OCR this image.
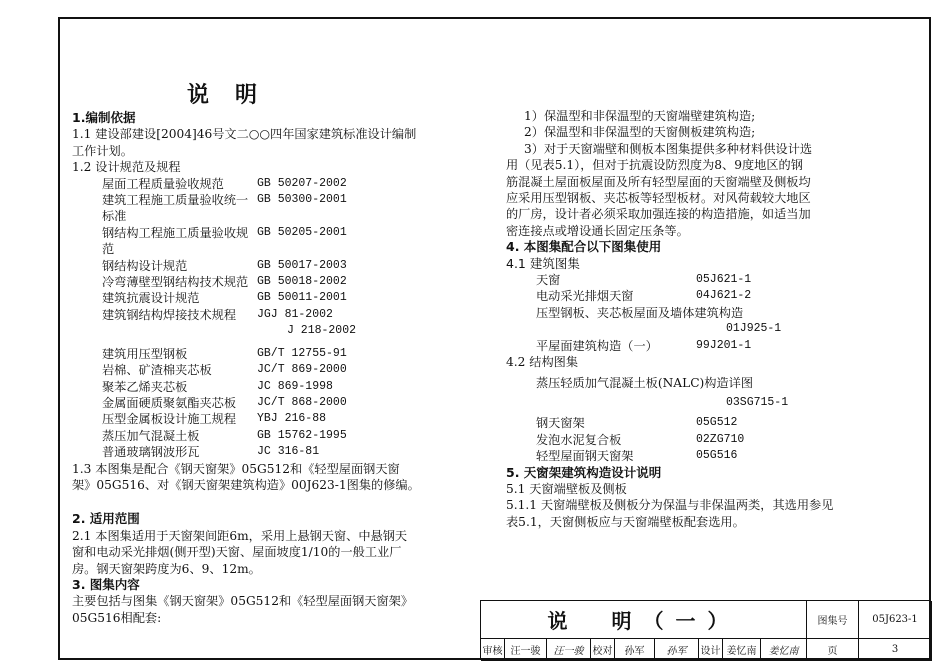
说　明

1.编制依据

1.1 建设部建设[2004]46号文二○○四年国家建筑标准设计编制

工作计划。

1.2 设计规范及规程

屋面工程质量验收规范	GB 50207-2002
建筑工程施工质量验收统一标准
GB 50300-2001
钢结构工程施工质量验收规范
GB 50205-2001
钢结构设计规范	GB 50017-2003
冷弯薄壁型钢结构技术规范 GB 50018-2002
建筑抗震设计规范	GB 50011-2001
建筑钢结构焊接技术规程	JGJ 81-2002
J 218-2002
建筑用压型钢板	GB/T 12755-91
岩棉、矿渣棉夹芯板	JC/T 869-2000
聚苯乙烯夹芯板	JC 869-1998
金属面硬质聚氨酯夹芯板	JC/T 868-2000
压型金属板设计施工规程	YBJ 216-88
蒸压加气混凝土板	GB 15762-1995
普通玻璃钢波形瓦	JC 316-81

1.3 本图集是配合《钢天窗架》05G512和《轻型屋面钢天窗

架》05G516、对《钢天窗架建筑构造》00J623-1图集的修编。

2. 适用范围

2.1 本图集适用于天窗架间距6m，采用上悬钢天窗、中悬钢天

窗和电动采光排烟(侧开型)天窗、屋面坡度1/10的一般工业厂

房。钢天窗架跨度为6、9、12m。

3. 图集内容

主要包括与图集《钢天窗架》05G512和《轻型屋面钢天窗架》

05G516相配套:

1）保温型和非保温型的天窗端壁建筑构造;

2）保温型和非保温型的天窗侧板建筑构造;

3）对于天窗端壁和侧板本图集提供多种材料供设计选

用（见表5.1），但对于抗震设防烈度为8、9度地区的钢

筋混凝土屋面板屋面及所有轻型屋面的天窗端壁及侧板均

应采用压型钢板、夹芯板等轻型板材。对风荷载较大地区

的厂房，设计者必须采取加强连接的构造措施，如适当加

密连接点或增设通长固定压条等。

4. 本图集配合以下图集使用

4.1 建筑图集

天窗	05J621-1
电动采光排烟天窗	04J621-2
压型钢板、夹芯板屋面及墙体建筑构造
01J925-1
平屋面建筑构造（一）	99J201-1

4.2 结构图集

蒸压轻质加气混凝土板(NALC)构造详图
03SG715-1
钢天窗架	05G512
发泡水泥复合板	02ZG710
轻型屋面钢天窗架	05G516

5. 天窗架建筑构造设计说明

5.1 天窗端壁板及侧板

5.1.1 天窗端壁板及侧板分为保温与非保温两类，其选用参见

表5.1，天窗侧板应与天窗端壁板配套选用。

说　明（一）	图集号	05J623-1
审核 汪一骏	汪一骏 校对	孙军	孙军	设计 姜忆南	姜忆南	页	3
